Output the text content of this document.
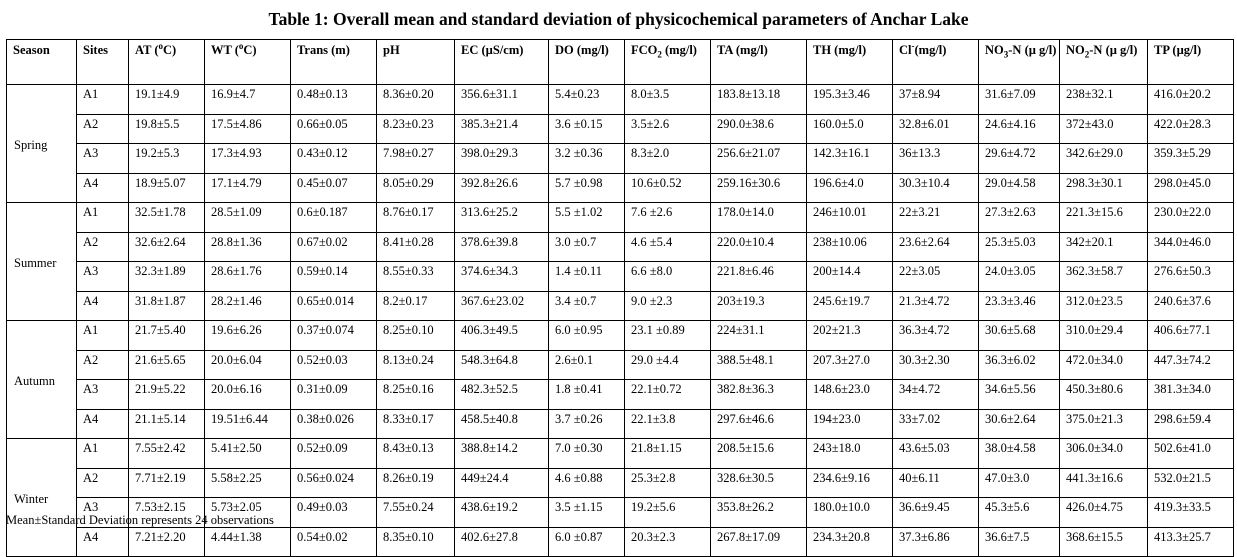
Table 1: Overall mean and standard deviation of physicochemical parameters of Anchar Lake
Season	Sites	AT ($^o$C)	WT ($^o$C)	Trans (m)	pH	EC (µS/cm)	DO (mg/l)	$FCO_2$ (mg/l)	TA (mg/l)	TH (mg/l)	Cl-(mg/l)	$NO_3-N$ (µ g/l)	$NO_2-N$ (µ g/l)	TP (µg/l)
Spring	A1	19.1±4.9	16.9±4.7	0.48±0.13	8.36±0.20	356.6±31.1	5.4±0.23	8.0±3.5	183.8±13.18	195.3±3.46	37±8.94	31.6±7.09	238±32.1	416.0±20.2
	A2	19.8±5.5	17.5±4.86	0.66±0.05	8.23±0.23	385.3±21.4	3.6 ±0.15	3.5±2.6	290.0±38.6	160.0±5.0	32.8±6.01	24.6±4.16	372±43.0	422.0±28.3
	A3	19.2±5.3	17.3±4.93	0.43±0.12	7.98±0.27	398.0±29.3	3.2 ±0.36	8.3±2.0	256.6±21.07	142.3±16.1	36±13.3	29.6±4.72	342.6±29.0	359.3±5.29
	A4	18.9±5.07	17.1±4.79	0.45±0.07	8.05±0.29	392.8±26.6	5.7 ±0.98	10.6±0.52	259.16±30.6	196.6±4.0	30.3±10.4	29.0±4.58	298.3±30.1	298.0±45.0
Summer	A1	32.5±1.78	28.5±1.09	0.6±0.187	8.76±0.17	313.6±25.2	5.5 ±1.02	7.6 ±2.6	178.0±14.0	246±10.01	22±3.21	27.3±2.63	221.3±15.6	230.0±22.0
	A2	32.6±2.64	28.8±1.36	0.67±0.02	8.41±0.28	378.6±39.8	3.0 ±0.7	4.6 ±5.4	220.0±10.4	238±10.06	23.6±2.64	25.3±5.03	342±20.1	344.0±46.0
	A3	32.3±1.89	28.6±1.76	0.59±0.14	8.55±0.33	374.6±34.3	1.4 ±0.11	6.6 ±8.0	221.8±6.46	200±14.4	22±3.05	24.0±3.05	362.3±58.7	276.6±50.3
	A4	31.8±1.87	28.2±1.46	0.65±0.014	8.2±0.17	367.6±23.02	3.4 ±0.7	9.0 ±2.3	203±19.3	245.6±19.7	21.3±4.72	23.3±3.46	312.0±23.5	240.6±37.6
Autumn	A1	21.7±5.40	19.6±6.26	0.37±0.074	8.25±0.10	406.3±49.5	6.0 ±0.95	23.1 ±0.89	224±31.1	202±21.3	36.3±4.72	30.6±5.68	310.0±29.4	406.6±77.1
	A2	21.6±5.65	20.0±6.04	0.52±0.03	8.13±0.24	548.3±64.8	2.6±0.1	29.0 ±4.4	388.5±48.1	207.3±27.0	30.3±2.30	36.3±6.02	472.0±34.0	447.3±74.2
	A3	21.9±5.22	20.0±6.16	0.31±0.09	8.25±0.16	482.3±52.5	1.8 ±0.41	22.1±0.72	382.8±36.3	148.6±23.0	34±4.72	34.6±5.56	450.3±80.6	381.3±34.0
	A4	21.1±5.14	19.51±6.44	0.38±0.026	8.33±0.17	458.5±40.8	3.7 ±0.26	22.1±3.8	297.6±46.6	194±23.0	33±7.02	30.6±2.64	375.0±21.3	298.6±59.4
Winter	A1	7.55±2.42	5.41±2.50	0.52±0.09	8.43±0.13	388.8±14.2	7.0 ±0.30	21.8±1.15	208.5±15.6	243±18.0	43.6±5.03	38.0±4.58	306.0±34.0	502.6±41.0
	A2	7.71±2.19	5.58±2.25	0.56±0.024	8.26±0.19	449±24.4	4.6 ±0.88	25.3±2.8	328.6±30.5	234.6±9.16	40±6.11	47.0±3.0	441.3±16.6	532.0±21.5
	A3	7.53±2.15	5.73±2.05	0.49±0.03	7.55±0.24	438.6±19.2	3.5 ±1.15	19.2±5.6	353.8±26.2	180.0±10.0	36.6±9.45	45.3±5.6	426.0±4.75	419.3±33.5
	A4	7.21±2.20	4.44±1.38	0.54±0.02	8.35±0.10	402.6±27.8	6.0 ±0.87	20.3±2.3	267.8±17.09	234.3±20.8	37.3±6.86	36.6±7.5	368.6±15.5	413.3±25.7
Mean±Standard Deviation represents 24 observations
